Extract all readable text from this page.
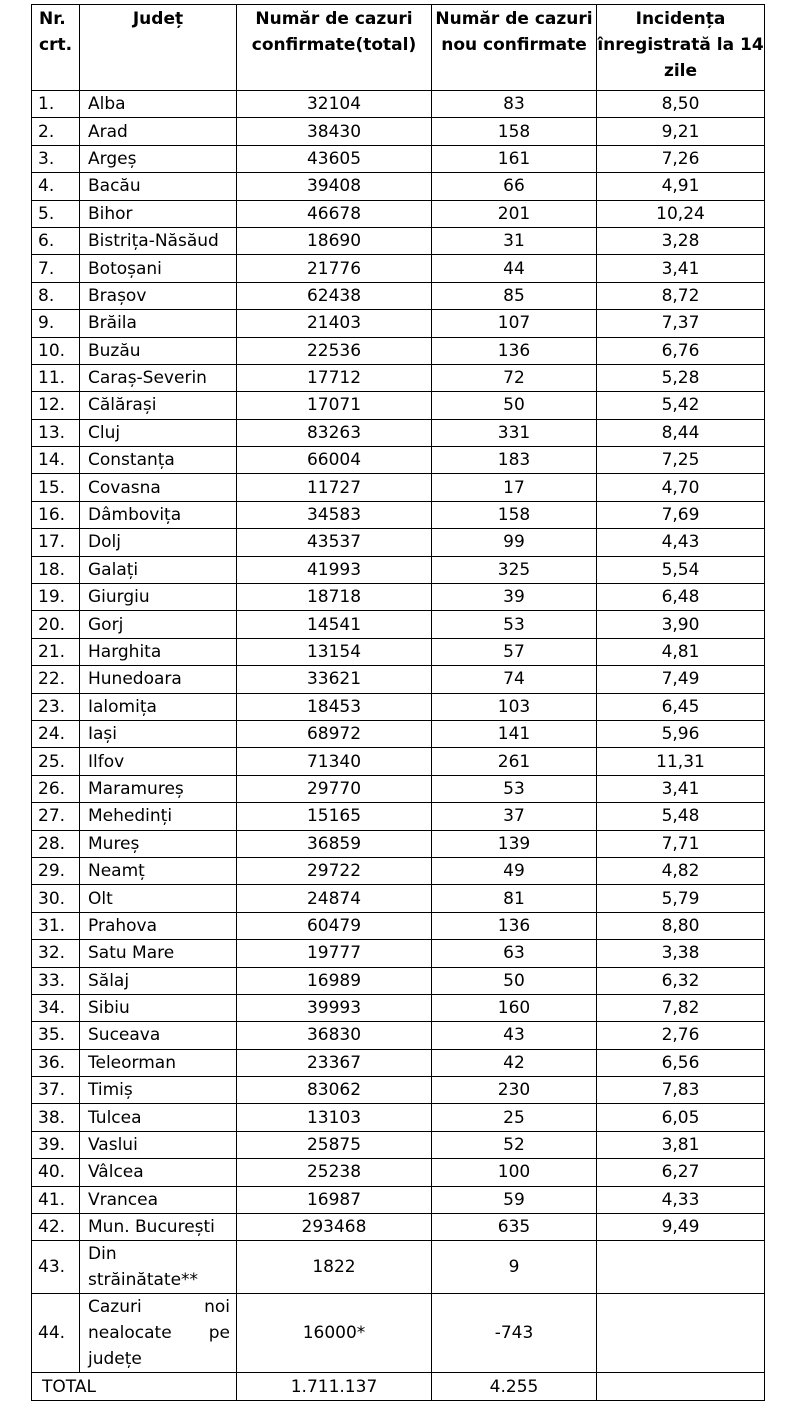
Nr. crt.	Județ	Număr de cazuri confirmate(total)	Număr de cazuri nou confirmate	Incidența înregistrată la 14 zile
1.	Alba	32104	83	8,50
2.	Arad	38430	158	9,21
3.	Argeș	43605	161	7,26
4.	Bacău	39408	66	4,91
5.	Bihor	46678	201	10,24
6.	Bistrița-Năsăud	18690	31	3,28
7.	Botoșani	21776	44	3,41
8.	Brașov	62438	85	8,72
9.	Brăila	21403	107	7,37
10.	Buzău	22536	136	6,76
11.	Caraș-Severin	17712	72	5,28
12.	Călărași	17071	50	5,42
13.	Cluj	83263	331	8,44
14.	Constanța	66004	183	7,25
15.	Covasna	11727	17	4,70
16.	Dâmbovița	34583	158	7,69
17.	Dolj	43537	99	4,43
18.	Galați	41993	325	5,54
19.	Giurgiu	18718	39	6,48
20.	Gorj	14541	53	3,90
21.	Harghita	13154	57	4,81
22.	Hunedoara	33621	74	7,49
23.	Ialomița	18453	103	6,45
24.	Iași	68972	141	5,96
25.	Ilfov	71340	261	11,31
26.	Maramureș	29770	53	3,41
27.	Mehedinți	15165	37	5,48
28.	Mureș	36859	139	7,71
29.	Neamț	29722	49	4,82
30.	Olt	24874	81	5,79
31.	Prahova	60479	136	8,80
32.	Satu Mare	19777	63	3,38
33.	Sălaj	16989	50	6,32
34.	Sibiu	39993	160	7,82
35.	Suceava	36830	43	2,76
36.	Teleorman	23367	42	6,56
37.	Timiș	83062	230	7,83
38.	Tulcea	13103	25	6,05
39.	Vaslui	25875	52	3,81
40.	Vâlcea	25238	100	6,27
41.	Vrancea	16987	59	4,33
42.	Mun. București	293468	635	9,49
43.	Din
străinătate**	1822	9	
44.	Cazuri noi
nealocate pe
județe	16000*	-743	
TOTAL		1.711.137	4.255	
